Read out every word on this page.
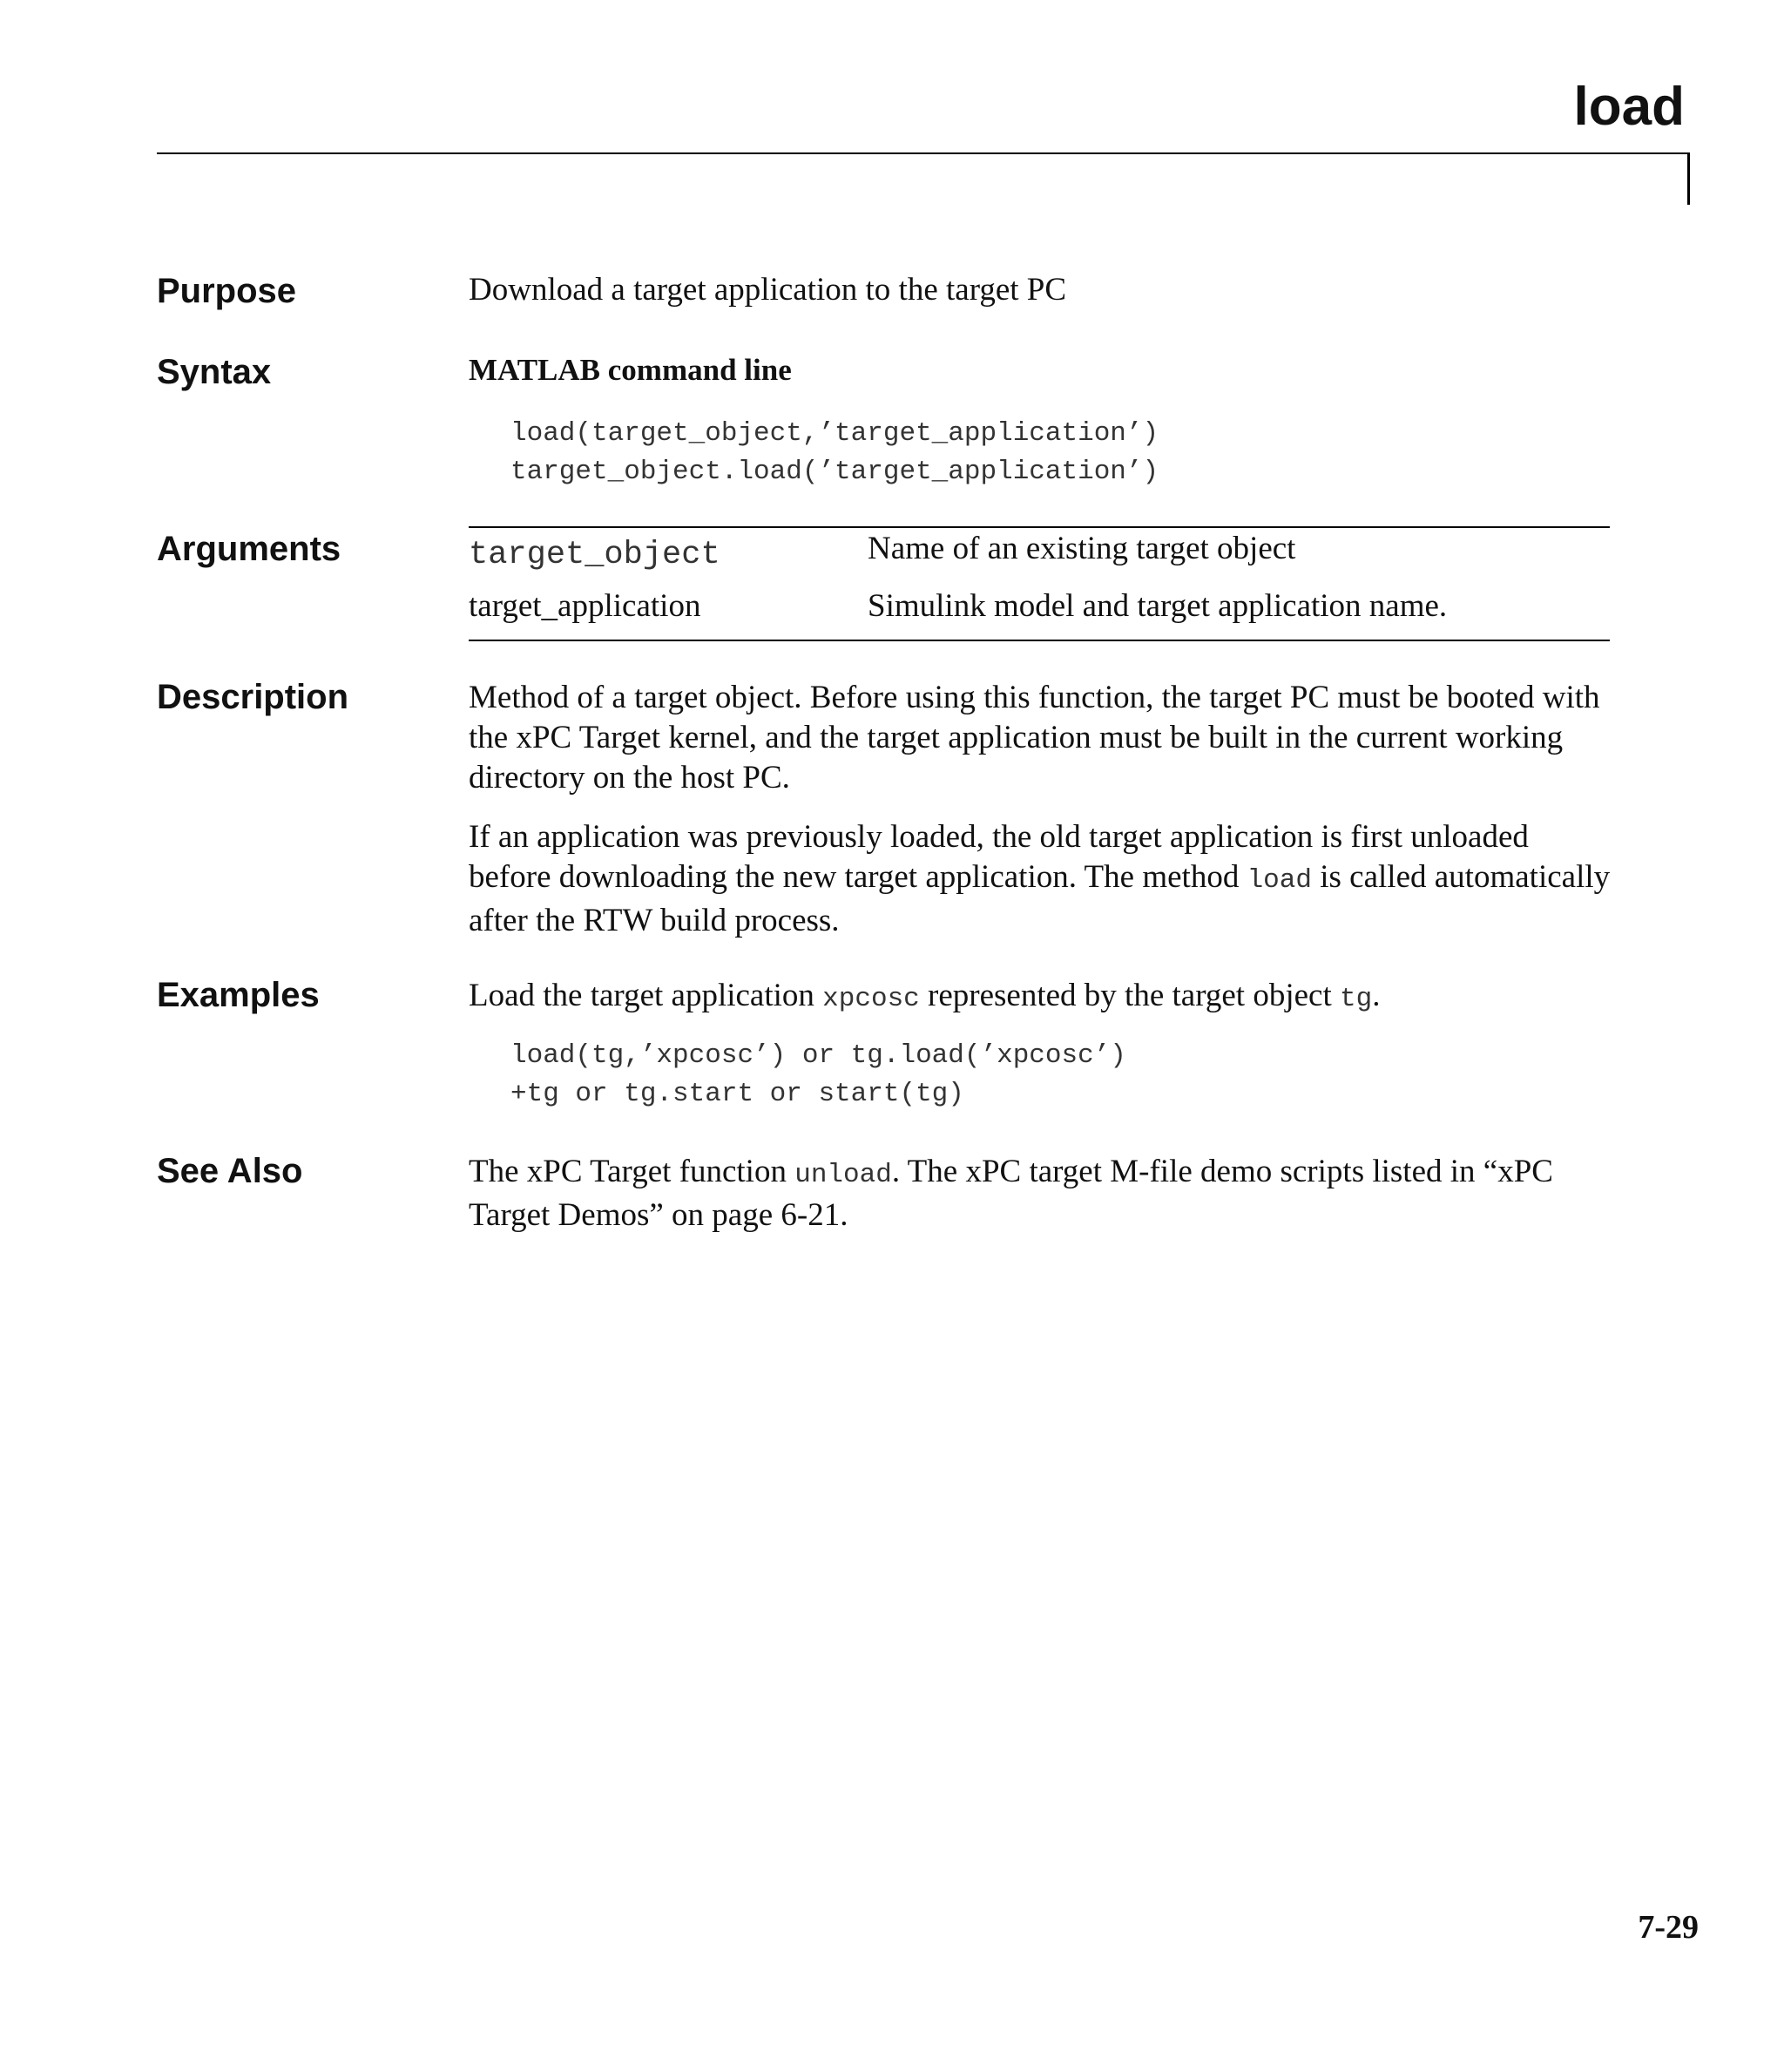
load
Purpose	Download a target application to the target PC
Syntax	MATLAB command line
load(target_object,’target_application’)
target_object.load(’target_application’)
Arguments	target_object	Name of an existing target object
target_application	Simulink model and target application name.
Description	Method of a target object. Before using this function, the target PC must be booted with the xPC Target kernel, and the target application must be built in the current working directory on the host PC.

If an application was previously loaded, the old target application is first unloaded before downloading the new target application. The method load is called automatically after the RTW build process.

Examples	Load the target application xpcosc represented by the target object tg.
load(tg,’xpcosc’) or tg.load(’xpcosc’)
+tg or tg.start or start(tg)
See Also	The xPC Target function unload. The xPC target M-file demo scripts listed in “xPC Target Demos” on page 6-21.
7-29
